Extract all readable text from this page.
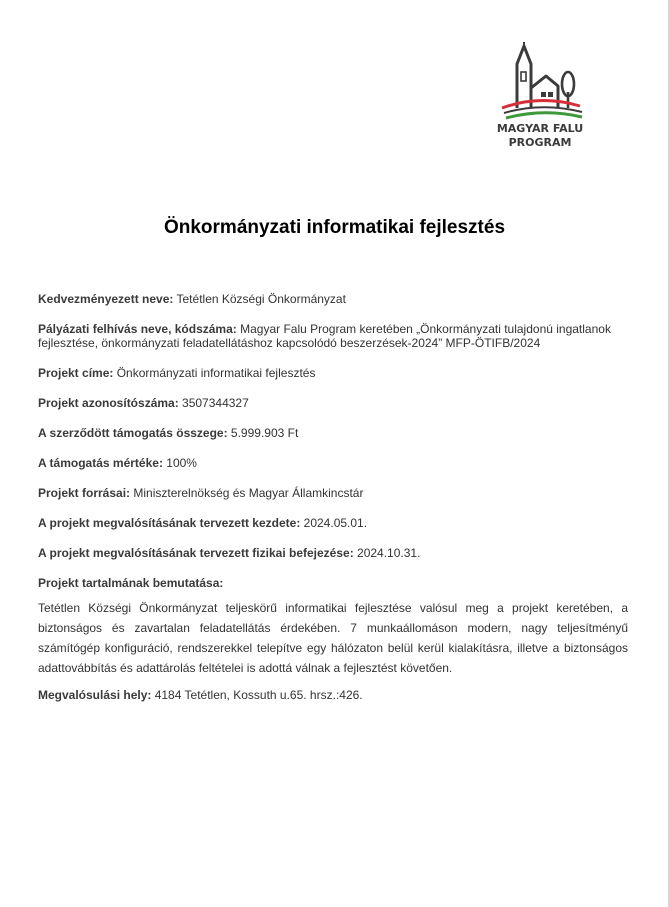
MAGYAR FALU
PROGRAM
Önkormányzati informatikai fejlesztés
Kedvezményezett neve: Tetétlen Községi Önkormányzat
Pályázati felhívás neve, kódszáma: Magyar Falu Program keretében „Önkormányzati tulajdonú ingatlanok fejlesztése, önkormányzati feladatellátáshoz kapcsolódó beszerzések-2024” MFP-ÖTIFB/2024
Projekt címe: Önkormányzati informatikai fejlesztés
Projekt azonosítószáma: 3507344327
A szerződött támogatás összege: 5.999.903 Ft
A támogatás mértéke: 100%
Projekt forrásai: Miniszterelnökség és Magyar Államkincstár
A projekt megvalósításának tervezett kezdete: 2024.05.01.
A projekt megvalósításának tervezett fizikai befejezése: 2024.10.31.
Projekt tartalmának bemutatása:
Tetétlen Községi Önkormányzat teljeskörű informatikai fejlesztése valósul meg a projekt keretében, a biztonságos és zavartalan feladatellátás érdekében. 7 munkaállomáson modern, nagy teljesítményű számítógép konfiguráció, rendszerekkel telepítve egy hálózaton belül kerül kialakításra, illetve a biztonságos adattovábbítás és adattárolás feltételei is adottá válnak a fejlesztést követően.
Megvalósulási hely: 4184 Tetétlen, Kossuth u.65. hrsz.:426.
